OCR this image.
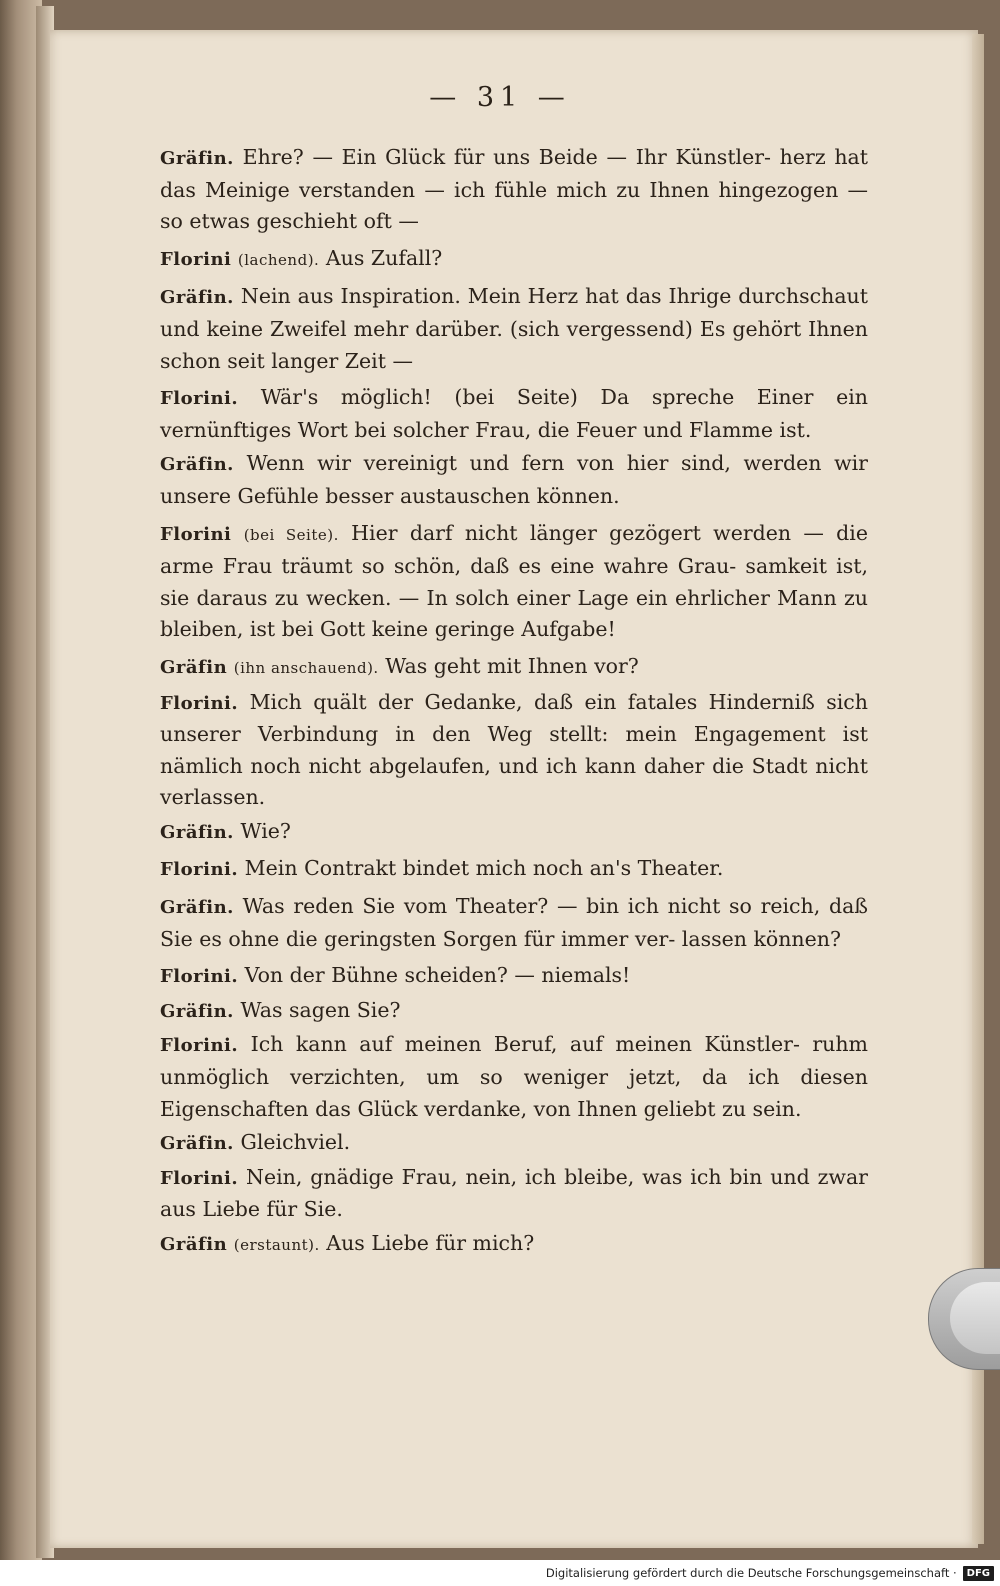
— 31 —

Gräfin. Ehre? — Ein Glück für uns Beide — Ihr Künstler- herz hat das Meinige verstanden — ich fühle mich zu Ihnen hingezogen — so etwas geschieht oft —

Florini (lachend). Aus Zufall?

Gräfin. Nein aus Inspiration. Mein Herz hat das Ihrige durchschaut und keine Zweifel mehr darüber. (sich vergessend) Es gehört Ihnen schon seit langer Zeit —

Florini. Wär's möglich! (bei Seite) Da spreche Einer ein vernünftiges Wort bei solcher Frau, die Feuer und Flamme ist.

Gräfin. Wenn wir vereinigt und fern von hier sind, werden wir unsere Gefühle besser austauschen können.

Florini (bei Seite). Hier darf nicht länger gezögert werden — die arme Frau träumt so schön, daß es eine wahre Grau- samkeit ist, sie daraus zu wecken. — In solch einer Lage ein ehrlicher Mann zu bleiben, ist bei Gott keine geringe Aufgabe!

Gräfin (ihn anschauend). Was geht mit Ihnen vor?

Florini. Mich quält der Gedanke, daß ein fatales Hinderniß sich unserer Verbindung in den Weg stellt: mein Engagement ist nämlich noch nicht abgelaufen, und ich kann daher die Stadt nicht verlassen.

Gräfin. Wie?

Florini. Mein Contrakt bindet mich noch an's Theater.

Gräfin. Was reden Sie vom Theater? — bin ich nicht so reich, daß Sie es ohne die geringsten Sorgen für immer ver- lassen können?

Florini. Von der Bühne scheiden? — niemals!

Gräfin. Was sagen Sie?

Florini. Ich kann auf meinen Beruf, auf meinen Künstler- ruhm unmöglich verzichten, um so weniger jetzt, da ich diesen Eigenschaften das Glück verdanke, von Ihnen geliebt zu sein.

Gräfin. Gleichviel.

Florini. Nein, gnädige Frau, nein, ich bleibe, was ich bin und zwar aus Liebe für Sie.

Gräfin (erstaunt). Aus Liebe für mich?

Digitalisierung gefördert durch die Deutsche Forschungsgemeinschaft ·	DFG
